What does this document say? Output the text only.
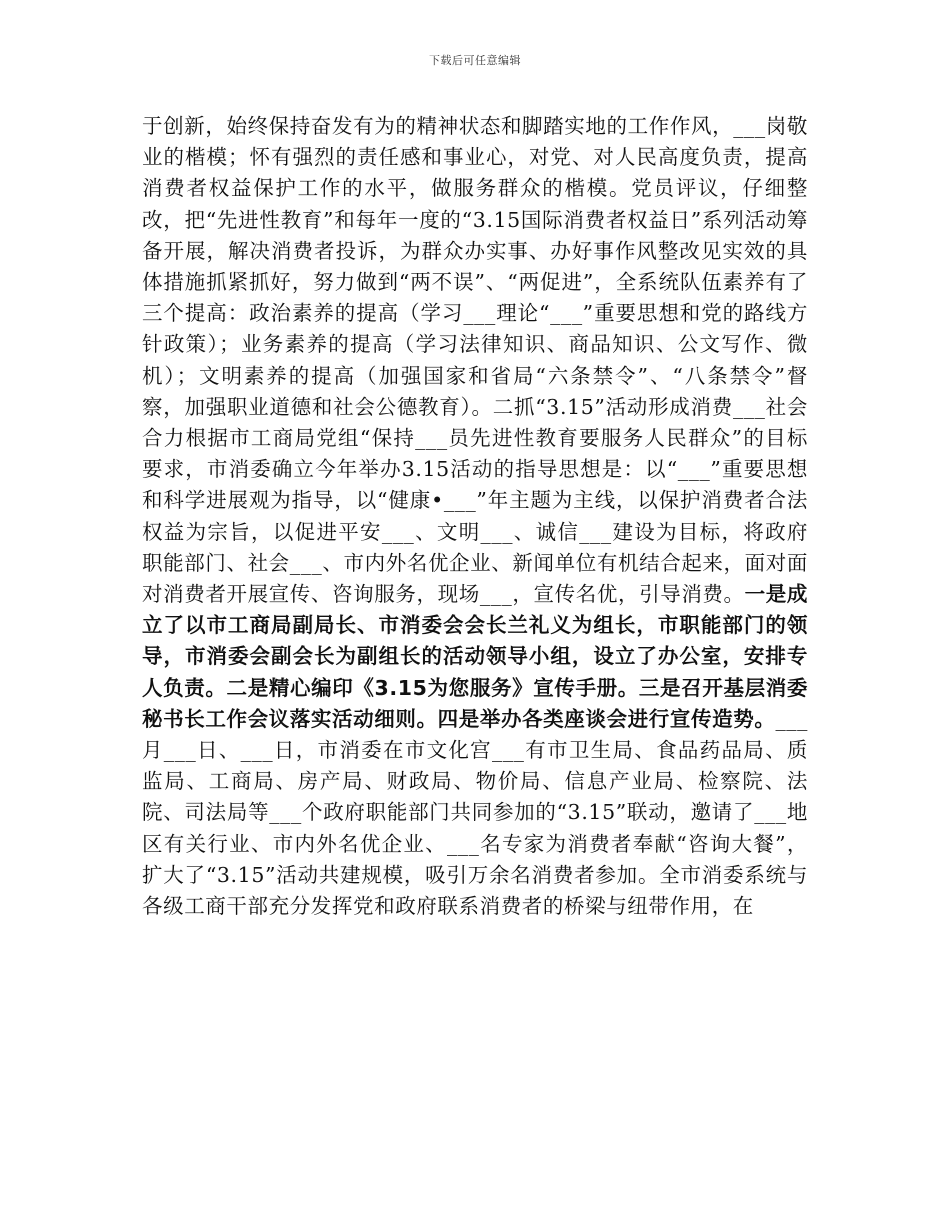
下载后可任意编辑

于创新，始终保持奋发有为的精神状态和脚踏实地的工作作风，___岗敬业的楷模；怀有强烈的责任感和事业心，对党、对人民高度负责，提高消费者权益保护工作的水平，做服务群众的楷模。党员评议，仔细整改，把“先进性教育”和每年一度的“3.15国际消费者权益日”系列活动筹备开展，解决消费者投诉，为群众办实事、办好事作风整改见实效的具体措施抓紧抓好，努力做到“两不误”、“两促进”，全系统队伍素养有了三个提高：政治素养的提高（学习___理论“___”重要思想和党的路线方针政策）；业务素养的提高（学习法律知识、商品知识、公文写作、微机）；文明素养的提高（加强国家和省局“六条禁令”、“八条禁令”督察，加强职业道德和社会公德教育）。二抓“3.15”活动形成消费___社会合力根据市工商局党组“保持___员先进性教育要服务人民群众”的目标要求，市消委确立今年举办3.15活动的指导思想是：以“___”重要思想和科学进展观为指导，以“健康•___”年主题为主线，以保护消费者合法权益为宗旨，以促进平安___、文明___、诚信___建设为目标，将政府职能部门、社会___、市内外名优企业、新闻单位有机结合起来，面对面对消费者开展宣传、咨询服务，现场___，宣传名优，引导消费。一是成立了以市工商局副局长、市消委会会长兰礼义为组长，市职能部门的领导，市消委会副会长为副组长的活动领导小组，设立了办公室，安排专人负责。二是精心编印《3.15为您服务》宣传手册。三是召开基层消委秘书长工作会议落实活动细则。四是举办各类座谈会进行宣传造势。___月___日、___日，市消委在市文化宫___有市卫生局、食品药品局、质监局、工商局、房产局、财政局、物价局、信息产业局、检察院、法院、司法局等___个政府职能部门共同参加的“3.15”联动，邀请了___地区有关行业、市内外名优企业、___名专家为消费者奉献“咨询大餐”，扩大了“3.15”活动共建规模，吸引万余名消费者参加。全市消委系统与各级工商干部充分发挥党和政府联系消费者的桥梁与纽带作用，在
